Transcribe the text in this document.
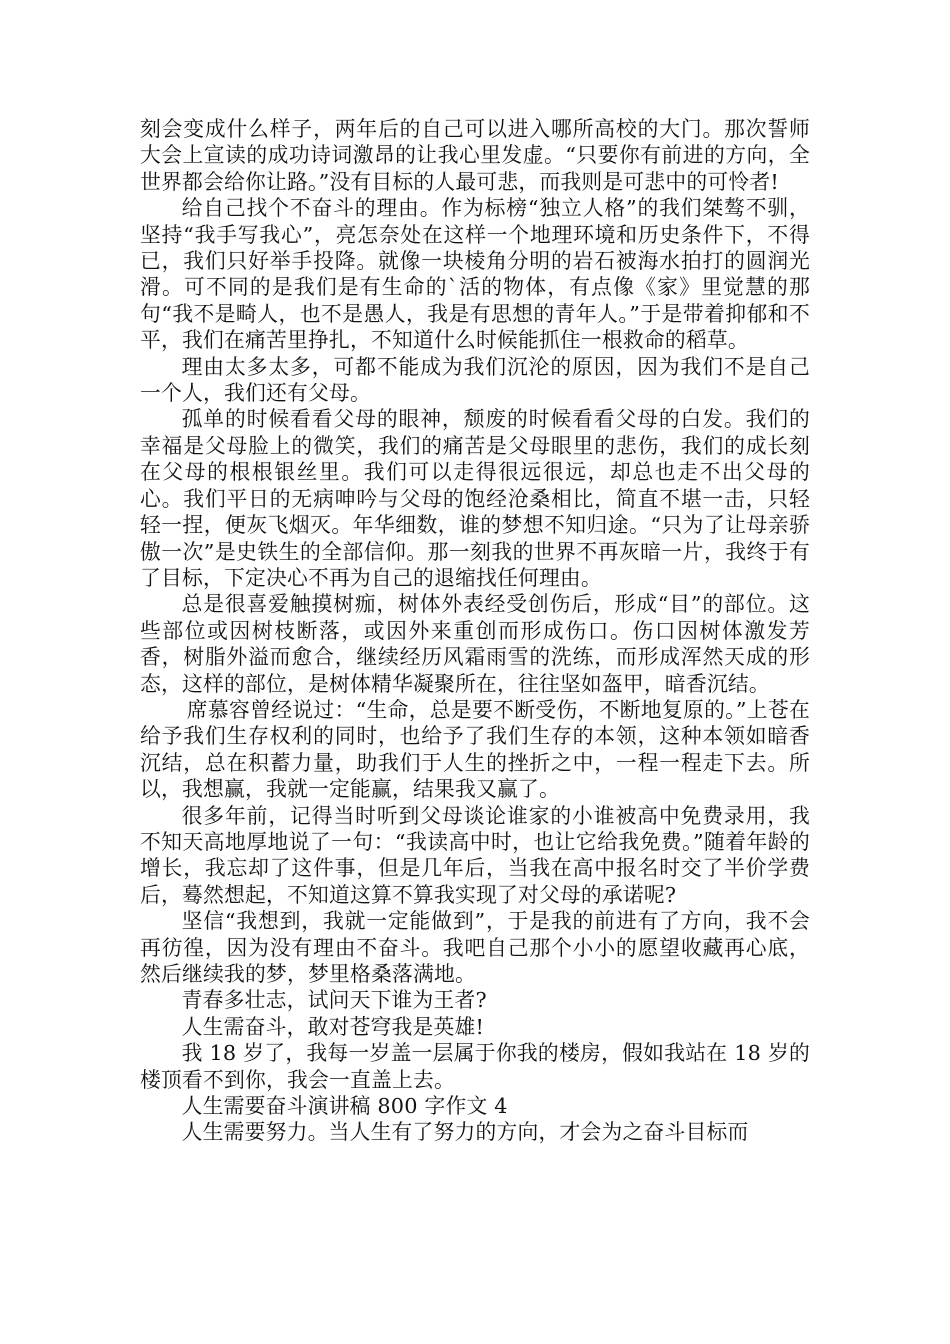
刻会变成什么样子，两年后的自己可以进入哪所高校的大门。那次誓师大会上宣读的成功诗词激昂的让我心里发虚。“只要你有前进的方向，全世界都会给你让路。”没有目标的人最可悲，而我则是可悲中的可怜者!

给自己找个不奋斗的理由。作为标榜“独立人格”的我们桀骜不驯，坚持“我手写我心”，亮怎奈处在这样一个地理环境和历史条件下，不得已，我们只好举手投降。就像一块棱角分明的岩石被海水拍打的圆润光滑。可不同的是我们是有生命的`活的物体，有点像《家》里觉慧的那句“我不是畸人，也不是愚人，我是有思想的青年人。”于是带着抑郁和不平，我们在痛苦里挣扎，不知道什么时候能抓住一根救命的稻草。

理由太多太多，可都不能成为我们沉沦的原因，因为我们不是自己一个人，我们还有父母。

孤单的时候看看父母的眼神，颓废的时候看看父母的白发。我们的幸福是父母脸上的微笑，我们的痛苦是父母眼里的悲伤，我们的成长刻在父母的根根银丝里。我们可以走得很远很远，却总也走不出父母的心。我们平日的无病呻吟与父母的饱经沧桑相比，简直不堪一击，只轻轻一捏，便灰飞烟灭。年华细数，谁的梦想不知归途。“只为了让母亲骄傲一次”是史铁生的全部信仰。那一刻我的世界不再灰暗一片，我终于有了目标，下定决心不再为自己的退缩找任何理由。

总是很喜爱触摸树痂，树体外表经受创伤后，形成“目”的部位。这些部位或因树枝断落，或因外来重创而形成伤口。伤口因树体激发芳香，树脂外溢而愈合，继续经历风霜雨雪的洗练，而形成浑然天成的形态，这样的部位，是树体精华凝聚所在，往往坚如盔甲，暗香沉结。

席慕容曾经说过：“生命，总是要不断受伤，不断地复原的。”上苍在给予我们生存权利的同时，也给予了我们生存的本领，这种本领如暗香沉结，总在积蓄力量，助我们于人生的挫折之中，一程一程走下去。所以，我想赢，我就一定能赢，结果我又赢了。

很多年前，记得当时听到父母谈论谁家的小谁被高中免费录用，我不知天高地厚地说了一句：“我读高中时，也让它给我免费。”随着年龄的增长，我忘却了这件事，但是几年后，当我在高中报名时交了半价学费后，蓦然想起，不知道这算不算我实现了对父母的承诺呢?

坚信“我想到，我就一定能做到”，于是我的前进有了方向，我不会再彷徨，因为没有理由不奋斗。我吧自己那个小小的愿望收藏再心底，然后继续我的梦，梦里格桑落满地。

青春多壮志，试问天下谁为王者?

人生需奋斗，敢对苍穹我是英雄!

我 18 岁了，我每一岁盖一层属于你我的楼房，假如我站在 18 岁的楼顶看不到你，我会一直盖上去。

人生需要奋斗演讲稿 800 字作文 4

人生需要努力。当人生有了努力的方向，才会为之奋斗目标而
